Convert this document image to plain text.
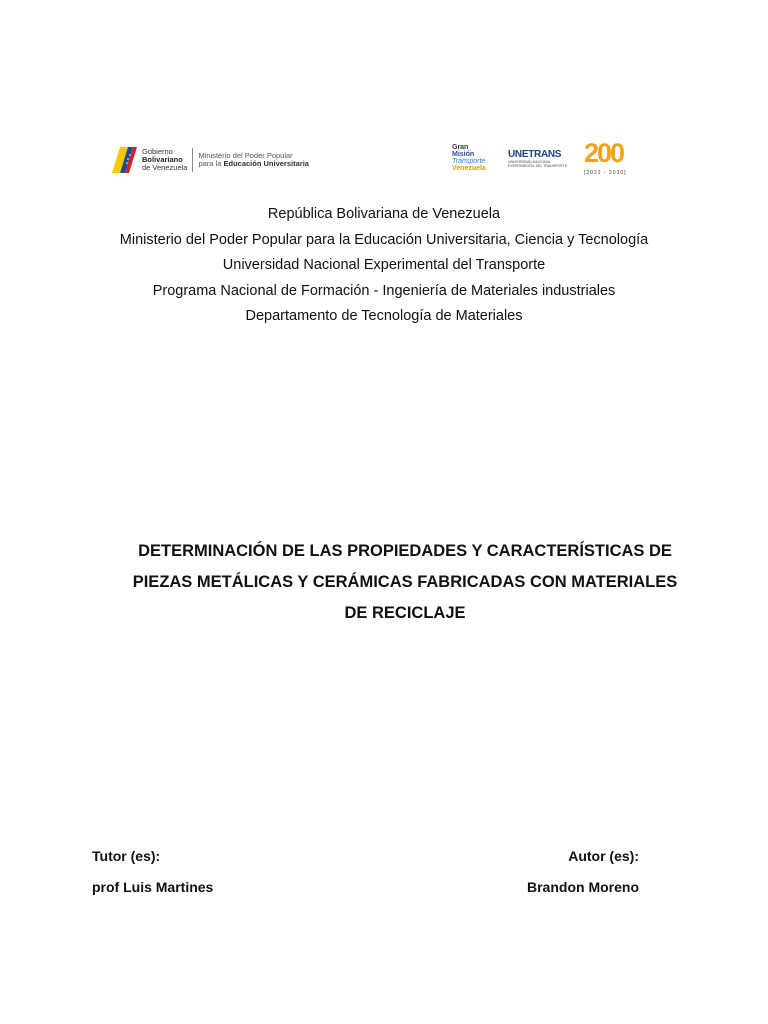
Gobierno
Bolivariano
de Venezuela
Ministerio del Poder Popular
para la Educación Universitaria
Gran
Misión
Transporte
Venezuela
UNETRANS
UNIVERSIDAD NACIONAL EXPERIMENTAL DEL TRANSPORTE 200
[2022 - 2030]
República Bolivariana de Venezuela
Ministerio del Poder Popular para la Educación Universitaria, Ciencia y Tecnología
Universidad Nacional Experimental del Transporte
Programa Nacional de Formación - Ingeniería de Materiales industriales
Departamento de Tecnología de Materiales
DETERMINACIÓN DE LAS PROPIEDADES Y CARACTERÍSTICAS DE
PIEZAS METÁLICAS Y CERÁMICAS FABRICADAS CON MATERIALES
DE RECICLAJE
Tutor (es):
prof Luis Martines
Autor (es):
Brandon Moreno
